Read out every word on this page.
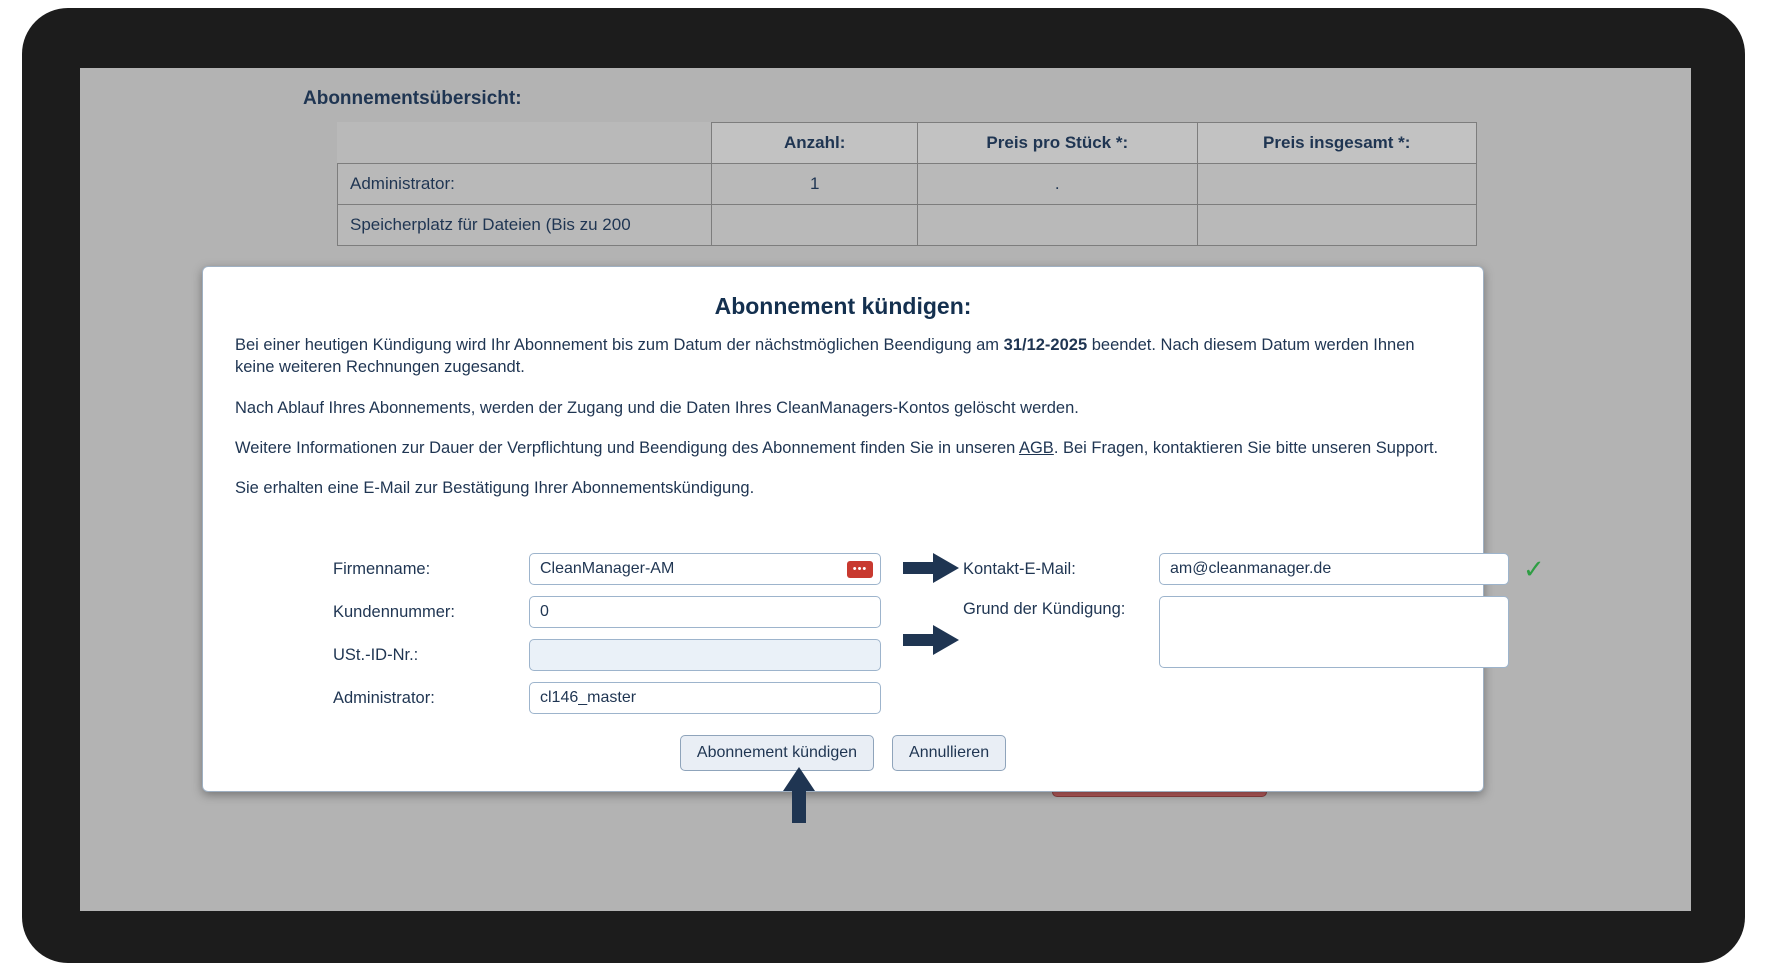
Abonnementsübersicht:
	Anzahl:	Preis pro Stück *:	Preis insgesamt *:
Administrator:	1	.	
Speicherplatz für Dateien (Bis zu 200			
Abonnement kündigen:

Bei einer heutigen Kündigung wird Ihr Abonnement bis zum Datum der nächstmöglichen Beendigung am 31/12-2025 beendet. Nach diesem Datum werden Ihnen keine weiteren Rechnungen zugesandt.

Nach Ablauf Ihres Abonnements, werden der Zugang und die Daten Ihres CleanManagers-Kontos gelöscht werden.

Weitere Informationen zur Dauer der Verpflichtung und Beendigung des Abonnement finden Sie in unseren AGB. Bei Fragen, kontaktieren Sie bitte unseren Support.

Sie erhalten eine E-Mail zur Bestätigung Ihrer Abonnementskündigung.

Firmenname:
CleanManager-AM	•••
Kundennummer:
0
USt.-ID-Nr.:
Administrator:
cl146_master
Kontakt-E-Mail:
am@cleanmanager.de	✓
Grund der Kündigung:
Abonnement kündigen	Annullieren
